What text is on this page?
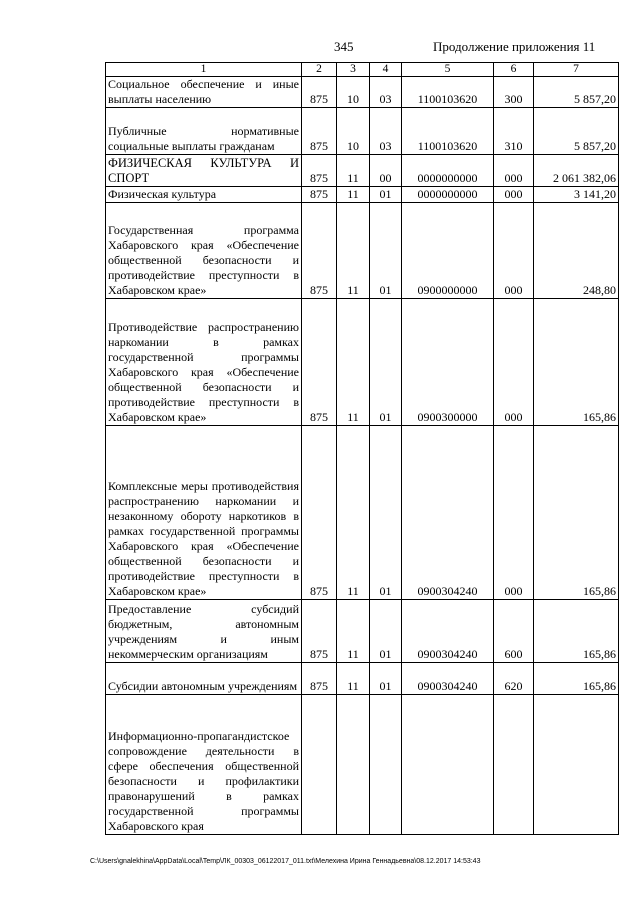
345	Продолжение приложения 11
1	2	3	4	5	6	7
Социальное обеспечение и иные выплаты населению	875	10	03	1100103620	300	5 857,20
Публичные нормативные социальные выплаты гражданам	875	10	03	1100103620	310	5 857,20
ФИЗИЧЕСКАЯ КУЛЬТУРА И СПОРТ	875	11	00	0000000000	000	2 061 382,06
Физическая культура	875	11	01	0000000000	000	3 141,20
Государственная программа Хабаровского края «Обеспечение общественной безопасности и противодействие преступности в Хабаровском крае»	875	11	01	0900000000	000	248,80
Противодействие распространению наркомании в рамках государственной программы Хабаровского края «Обеспечение общественной безопасности и противодействие преступности в Хабаровском крае»	875	11	01	0900300000	000	165,86
Комплексные меры противодействия распространению наркомании и незаконному обороту наркотиков в рамках государственной программы Хабаровского края «Обеспечение общественной безопасности и противодействие преступности в Хабаровском крае»	875	11	01	0900304240	000	165,86
Предоставление субсидий бюджетным, автономным учреждениям и иным некоммерческим организациям	875	11	01	0900304240	600	165,86
Субсидии автономным учреждениям	875	11	01	0900304240	620	165,86
Информационно-пропагандистское сопровождение деятельности в сфере обеспечения общественной безопасности и профилактики правонарушений в рамках государственной программы Хабаровского края						
C:\Users\gnalekhina\AppData\Local\Temp\ЛК_00303_06122017_011.txt\Мелехина Ирина Геннадьевна\08.12.2017 14:53:43
